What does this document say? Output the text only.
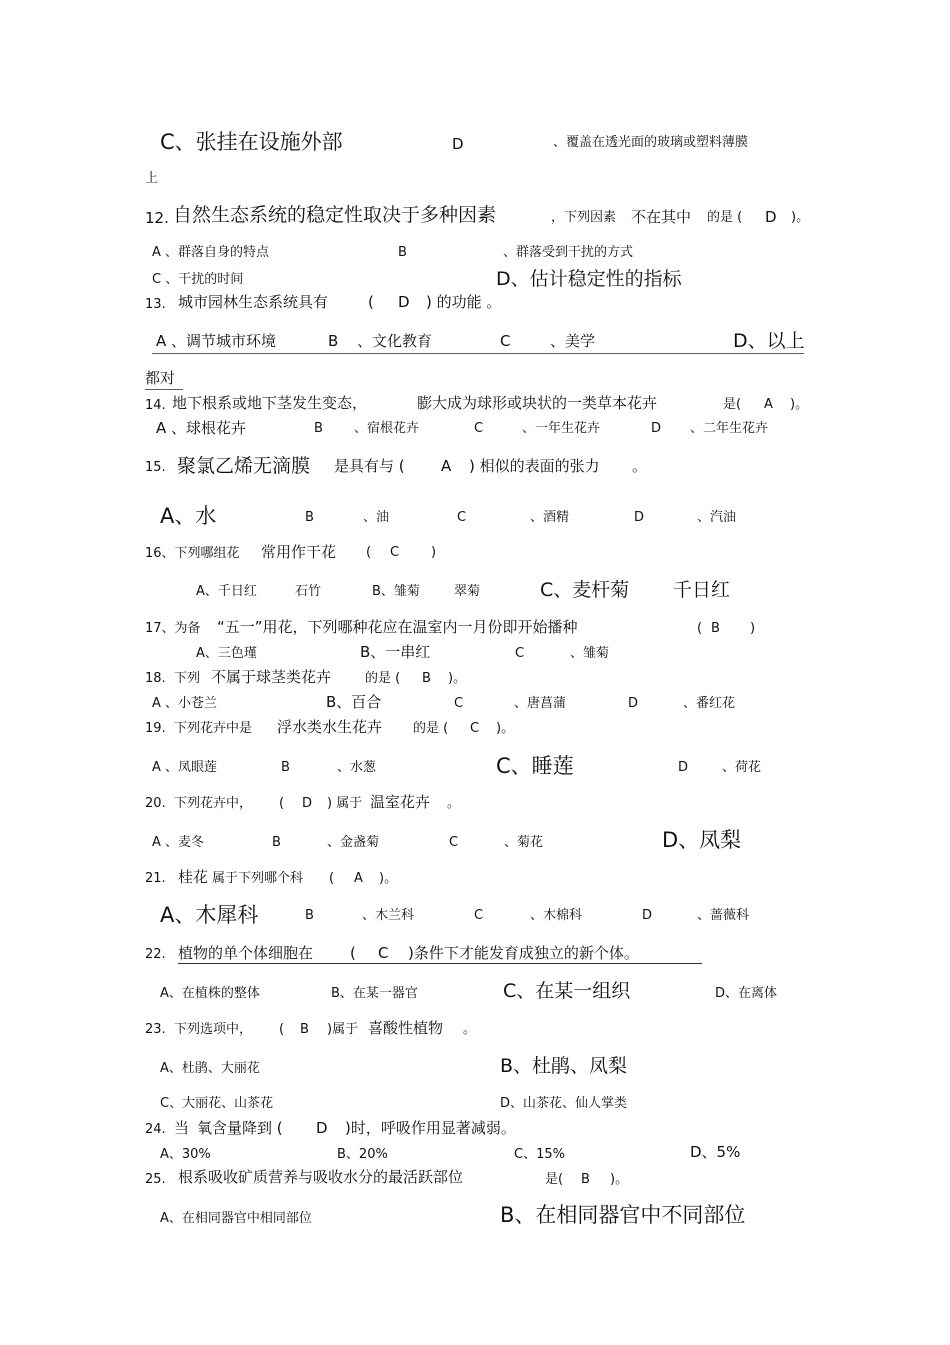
C、张挂在设施外部	D	、覆盖在透光面的玻璃或塑料薄膜
上
12. 自然生态系统的稳定性取决于多种因素	，下列因素 不在其中 的是 ( D )。
A 、群落自身的特点	B	、群落受到干扰的方式
C 、干扰的时间	D、估计稳定性的指标
13. 城市园林生态系统具有	( D ) 的功能 。
A 、调节城市环境	B 、文化教育	C	、美学	D、以上
都对
14. 地下根系或地下茎发生变态，	膨大成为球形或块状的一类草本花卉	是( A )。
A 、球根花卉	B 、宿根花卉	C	、一年生花卉	D 、二年生花卉
15. 聚氯乙烯无滴膜 是具有与 ( A ) 相似的表面的张力 。
A、水	B	、油	C	、酒精	D	、汽油
16、下列哪组花 常用作干花 ( C )
A、千日红	石竹	B、雏菊	翠菊	C、麦杆菊 千日红
17、为备 “五一”用花，下列哪种花应在温室内一月份即开始播种	( B )
A、三色瑾	B、一串红	C	、雏菊
18. 下列 不属于球茎类花卉	的是 ( B )。
A 、小苍兰	B、百合	C	、唐菖蒲	D	、番红花
19. 下列花卉中是 浮水类水生花卉 的是 ( C )。
A 、凤眼莲	B	、水葱	C、睡莲	D	、荷花
20. 下列花卉中， ( D ) 属于 温室花卉 。
A 、麦冬	B	、金盏菊	C	、菊花	D、凤梨
21. 桂花 属于下列哪个科 ( A )。
A、木犀科	B	、木兰科	C	、木棉科	D	、蔷薇科
22. 植物的单个体细胞在 ( C )条件下才能发育成独立的新个体。
A、在植株的整体	B、在某一器官	C、在某一组织	D、在离体
23. 下列选项中， ( B )属于 喜酸性植物 。
A、杜鹃、大丽花	B、杜鹃、凤梨
C、大丽花、山茶花	D、山茶花、仙人掌类
24. 当 氧含量降到 ( D )时，呼吸作用显著减弱。
A、30%	B、20%	C、15%	D、5%
25. 根系吸收矿质营养与吸收水分的最活跃部位	是( B )。
A、在相同器官中相同部位	B、在相同器官中不同部位
